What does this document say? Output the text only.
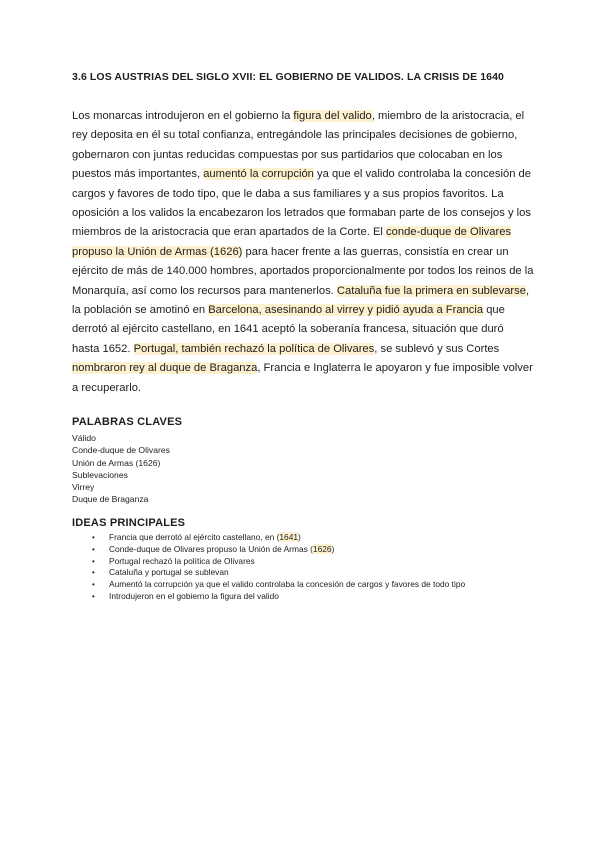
3.6 LOS AUSTRIAS DEL SIGLO XVII: EL GOBIERNO DE VALIDOS. LA CRISIS DE 1640
Los monarcas introdujeron en el gobierno la figura del valido, miembro de la aristocracia, el rey deposita en él su total confianza, entregándole las principales decisiones de gobierno, gobernaron con juntas reducidas compuestas por sus partidarios que colocaban en los puestos más importantes, aumentó la corrupción ya que el valido controlaba la concesión de cargos y favores de todo tipo, que le daba a sus familiares y a sus propios favoritos. La oposición a los validos la encabezaron los letrados que formaban parte de los consejos y los miembros de la aristocracia que eran apartados de la Corte. El conde-duque de Olivares propuso la Unión de Armas (1626) para hacer frente a las guerras, consistía en crear un ejército de más de 140.000 hombres, aportados proporcionalmente por todos los reinos de la Monarquía, así como los recursos para mantenerlos. Cataluña fue la primera en sublevarse, la población se amotinó en Barcelona, asesinando al virrey y pidió ayuda a Francia que derrotó al ejército castellano, en 1641 aceptó la soberanía francesa, situación que duró hasta 1652. Portugal, también rechazó la política de Olivares, se sublevó y sus Cortes nombraron rey al duque de Braganza, Francia e Inglaterra le apoyaron y fue imposible volver a recuperarlo.
PALABRAS CLAVES
Válido
Conde-duque de Olivares
Unión de Armas (1626)
Sublevaciones
Virrey
Duque de Braganza
IDEAS PRINCIPALES
• Francia que derrotó al ejército castellano, en (1641)
• Conde-duque de Olivares propuso la Unión de Armas (1626)
• Portugal rechazó la política de Olivares
• Cataluña y portugal se sublevan
• Aumentó la corrupción ya que el valido controlaba la concesión de cargos y favores de todo tipo
• Introdujeron en el gobierno la figura del valido
